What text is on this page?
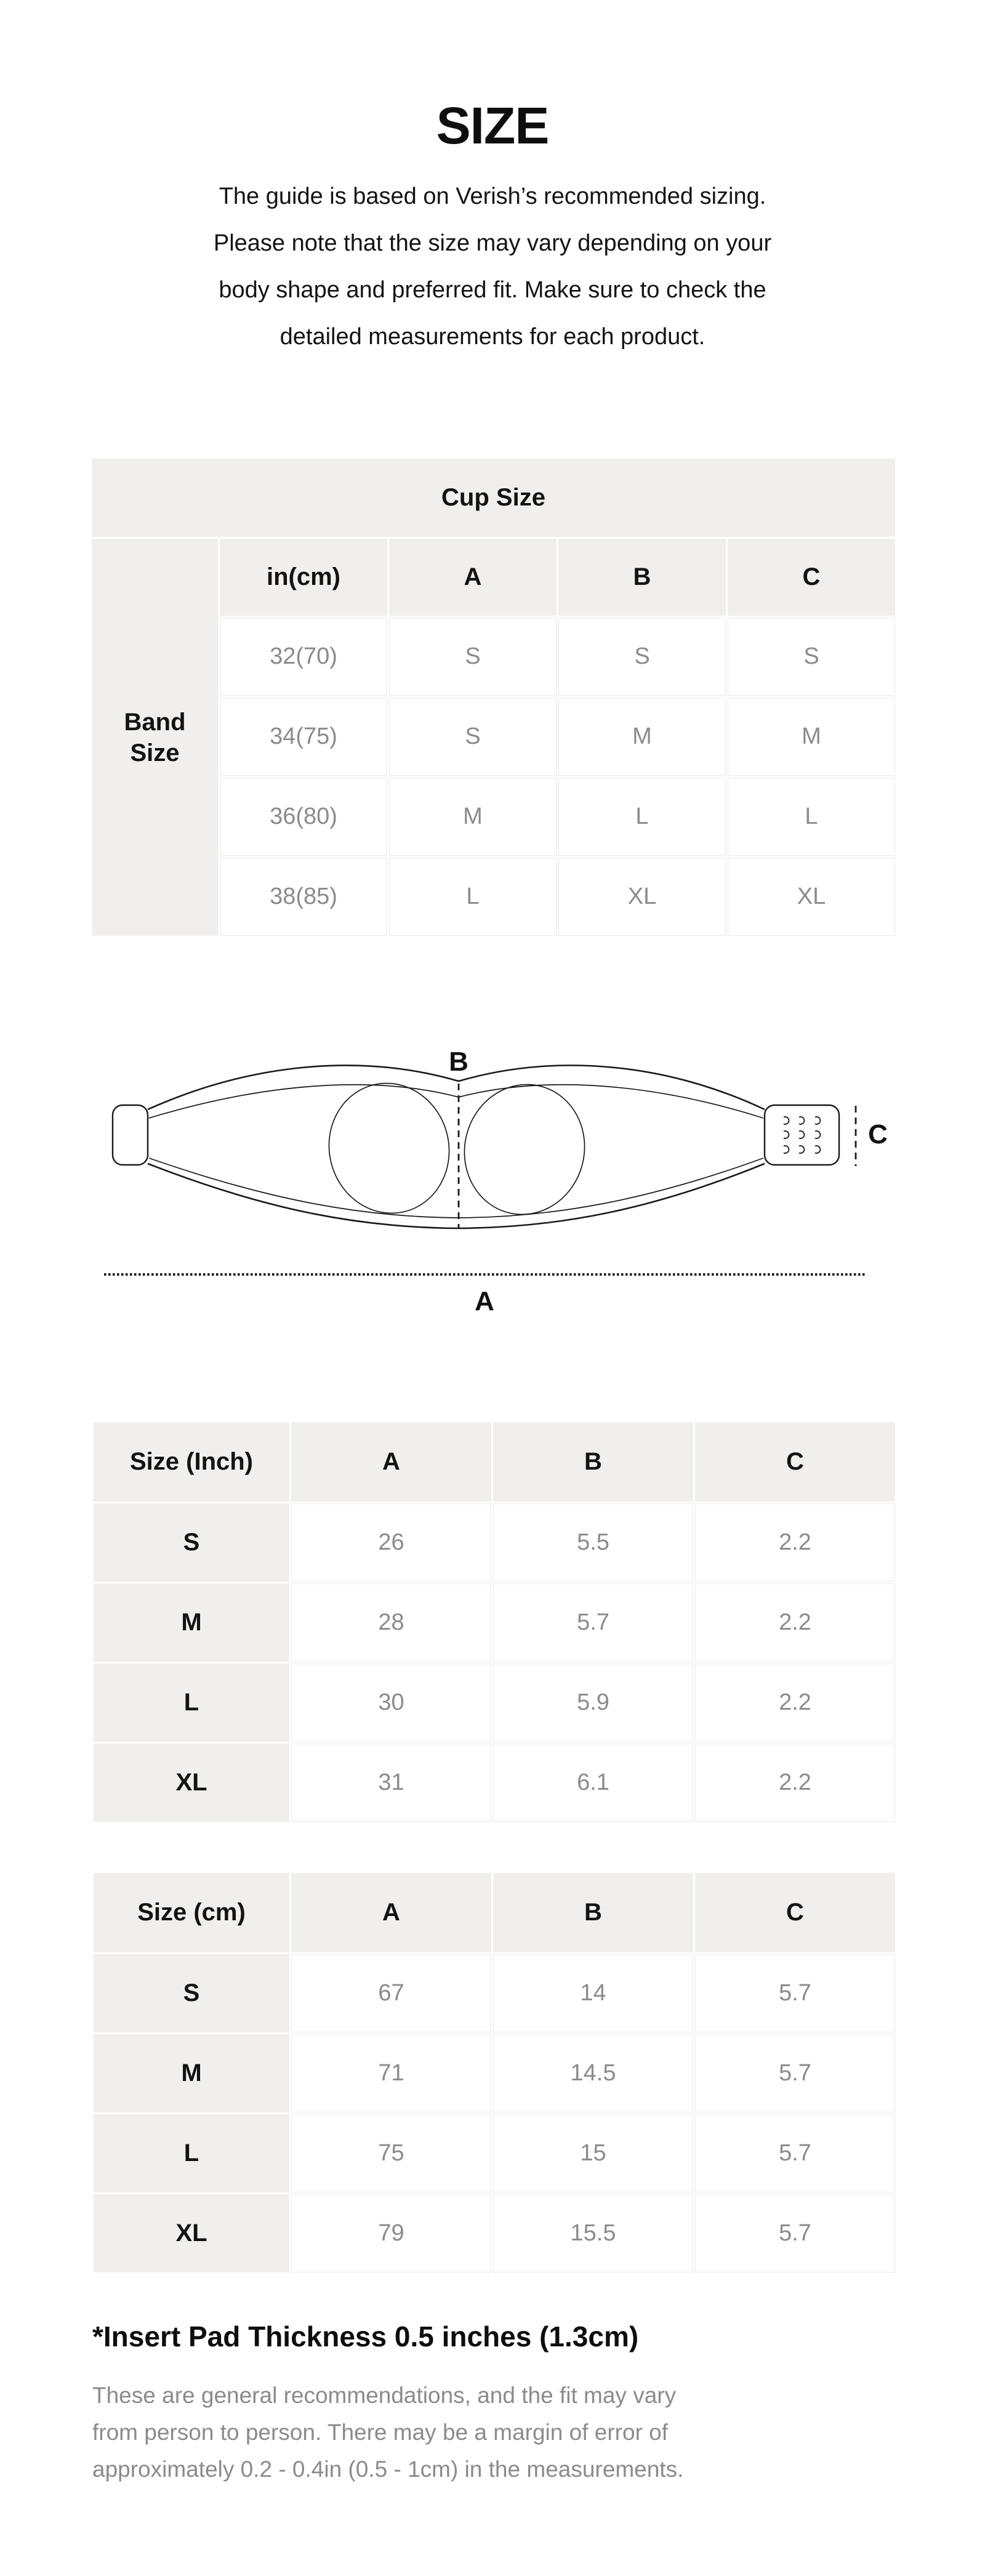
SIZE
The guide is based on Verish’s recommended sizing.
Please note that the size may vary depending on your
body shape and preferred fit. Make sure to check the
detailed measurements for each product.
Cup Size
Band
Size
in(cm)	A	B	C
32(70)	S	S	S
34(75)	S	M	M
36(80)	M	L	L
38(85)	L	XL	XL
B
C
A
Size (Inch)	A	B	C
S	26	5.5	2.2
M	28	5.7	2.2
L	30	5.9	2.2
XL	31	6.1	2.2
Size (cm)	A	B	C
S	67	14	5.7
M	71	14.5	5.7
L	75	15	5.7
XL	79	15.5	5.7
*Insert Pad Thickness 0.5 inches (1.3cm)
These are general recommendations, and the fit may vary
from person to person. There may be a margin of error of
approximately 0.2 - 0.4in (0.5 - 1cm) in the measurements.
